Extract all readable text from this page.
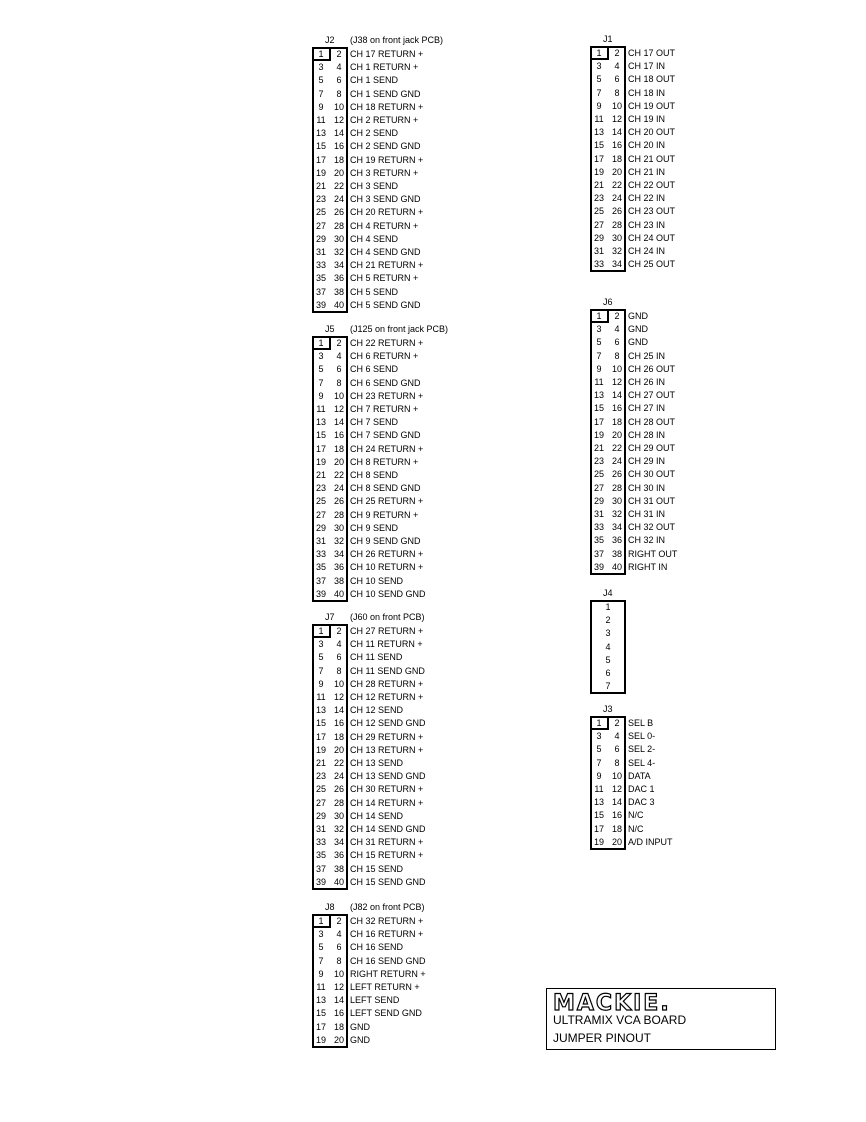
J2 (J38 on front jack PCB)
1	2 CH 17 RETURN +
3	4 CH 1 RETURN +
5	6 CH 1 SEND
7	8 CH 1 SEND GND
9	10 CH 18 RETURN +
11 12 CH 2 RETURN +
13 14 CH 2 SEND
15 16 CH 2 SEND GND
17 18 CH 19 RETURN +
19 20 CH 3 RETURN +
21 22 CH 3 SEND
23 24 CH 3 SEND GND
25 26 CH 20 RETURN +
27 28 CH 4 RETURN +
29 30 CH 4 SEND
31 32 CH 4 SEND GND
33 34 CH 21 RETURN +
35 36 CH 5 RETURN +
37 38 CH 5 SEND
39 40 CH 5 SEND GND
J5 (J125 on front jack PCB)
1	2 CH 22 RETURN +
3	4 CH 6 RETURN +
5	6 CH 6 SEND
7	8 CH 6 SEND GND
9	10 CH 23 RETURN +
11 12 CH 7 RETURN +
13 14 CH 7 SEND
15 16 CH 7 SEND GND
17 18 CH 24 RETURN +
19 20 CH 8 RETURN +
21 22 CH 8 SEND
23 24 CH 8 SEND GND
25 26 CH 25 RETURN +
27 28 CH 9 RETURN +
29 30 CH 9 SEND
31 32 CH 9 SEND GND
33 34 CH 26 RETURN +
35 36 CH 10 RETURN +
37 38 CH 10 SEND
39 40 CH 10 SEND GND
J7 (J60 on front PCB)
1	2 CH 27 RETURN +
3	4 CH 11 RETURN +
5	6 CH 11 SEND
7	8 CH 11 SEND GND
9	10 CH 28 RETURN +
11 12 CH 12 RETURN +
13 14 CH 12 SEND
15 16 CH 12 SEND GND
17 18 CH 29 RETURN +
19 20 CH 13 RETURN +
21 22 CH 13 SEND
23 24 CH 13 SEND GND
25 26 CH 30 RETURN +
27 28 CH 14 RETURN +
29 30 CH 14 SEND
31 32 CH 14 SEND GND
33 34 CH 31 RETURN +
35 36 CH 15 RETURN +
37 38 CH 15 SEND
39 40 CH 15 SEND GND
J8 (J82 on front PCB)
1	2 CH 32 RETURN +
3	4 CH 16 RETURN +
5	6 CH 16 SEND
7	8 CH 16 SEND GND
9	10 RIGHT RETURN +
11 12 LEFT RETURN +
13 14 LEFT SEND
15 16 LEFT SEND GND
17 18 GND
19 20 GND
J1
1	2 CH 17 OUT
3	4 CH 17 IN
5	6 CH 18 OUT
7	8 CH 18 IN
9	10 CH 19 OUT
11 12 CH 19 IN
13 14 CH 20 OUT
15 16 CH 20 IN
17 18 CH 21 OUT
19 20 CH 21 IN
21 22 CH 22 OUT
23 24 CH 22 IN
25 26 CH 23 OUT
27 28 CH 23 IN
29 30 CH 24 OUT
31 32 CH 24 IN
33 34 CH 25 OUT
J6
1	2 GND
3	4 GND
5	6 GND
7	8 CH 25 IN
9	10 CH 26 OUT
11 12 CH 26 IN
13 14 CH 27 OUT
15 16 CH 27 IN
17 18 CH 28 OUT
19 20 CH 28 IN
21 22 CH 29 OUT
23 24 CH 29 IN
25 26 CH 30 OUT
27 28 CH 30 IN
29 30 CH 31 OUT
31 32 CH 31 IN
33 34 CH 32 OUT
35 36 CH 32 IN
37 38 RIGHT OUT
39 40 RIGHT IN
J3
1	2 SEL B
3	4 SEL 0-
5	6 SEL 2-
7	8 SEL 4-
9	10 DATA
11 12 DAC 1
13 14 DAC 3
15 16 N/C
17 18 N/C
19 20 A/D INPUT
J4
1
2
3
4
5
6
7
MACKIE.
ULTRAMIX VCA BOARD
JUMPER PINOUT
